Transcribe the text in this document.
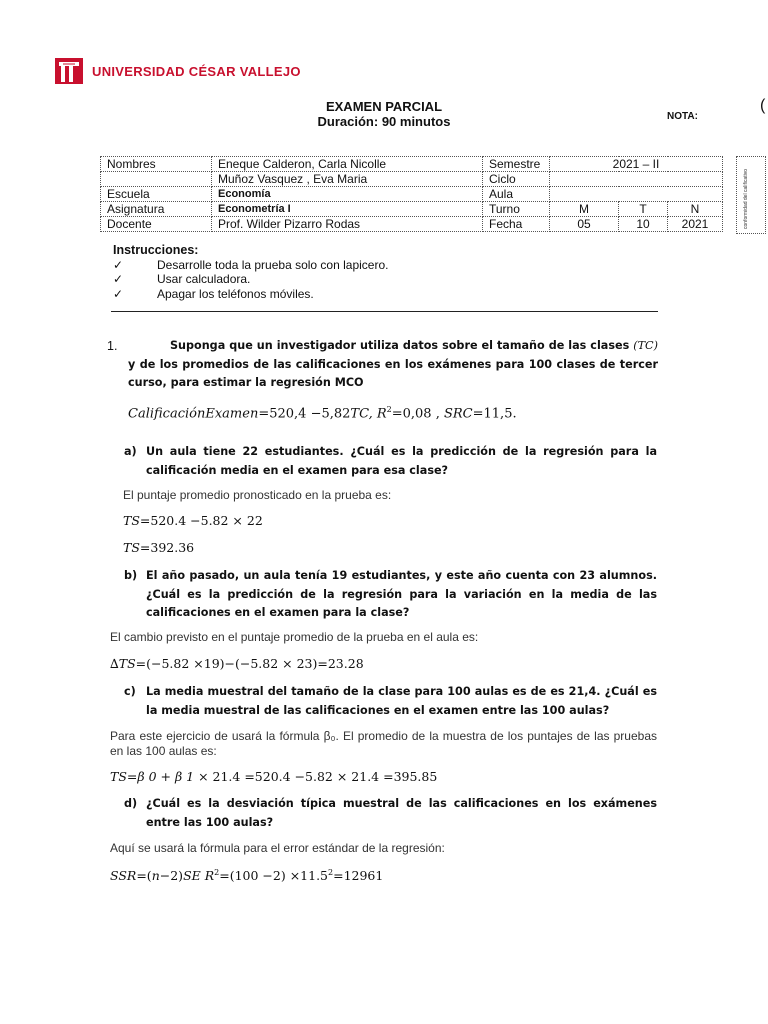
UNIVERSIDAD CÉSAR VALLEJO
EXAMEN PARCIAL
Duración: 90 minutos	NOTA:
(
Nombres	Eneque Calderon, Carla Nicolle	Semestre	2021 – II		
	Muñoz Vasquez , Eva Maria	Ciclo			
Escuela	Economía	Aula			
Asignatura	Econometría I	Turno	M	T	N
Docente	Prof. Wilder Pizarro Rodas	Fecha	05	10	2021	conformidad del calificativo
Instrucciones:
✓	Desarrolle toda la prueba solo con lapicero.
✓	Usar calculadora.
✓	Apagar los teléfonos móviles.
1.	Suponga que un investigador utiliza datos sobre el tamaño de las clases (TC) y de los promedios de las calificaciones en los exámenes para 100 clases de tercer curso, para estimar la regresión MCO
CalificaciónExamen=520,4 −5,82TC, $R^2=0,08$ , SRC=11,5.
a) Un aula tiene 22 estudiantes. ¿Cuál es la predicción de la regresión para la calificación media en el examen para esa clase?
El puntaje promedio pronosticado en la prueba es:
TS=520.4 −5.82 × 22
TS=392.36
b) El año pasado, un aula tenía 19 estudiantes, y este año cuenta con 23 alumnos. ¿Cuál es la predicción de la regresión para la variación en la media de las calificaciones en el examen para la clase?
El cambio previsto en el puntaje promedio de la prueba en el aula es:
∆TS=(−5.82 ×19)−(−5.82 × 23)=23.28
c) La media muestral del tamaño de la clase para 100 aulas es de es 21,4. ¿Cuál es la media muestral de las calificaciones en el examen entre las 100 aulas?
Para este ejercicio de usará la fórmula β₀. El promedio de la muestra de los puntajes de las pruebas en las 100 aulas es:
TS=β 0 + β 1 × 21.4 =520.4 −5.82 × 21.4 =395.85
d) ¿Cuál es la desviación típica muestral de las calificaciones en los exámenes entre las 100 aulas?
Aquí se usará la fórmula para el error estándar de la regresión:
SSR=(n−2)SE $R^2=(100 -2) \times 11.5^2=12961$
